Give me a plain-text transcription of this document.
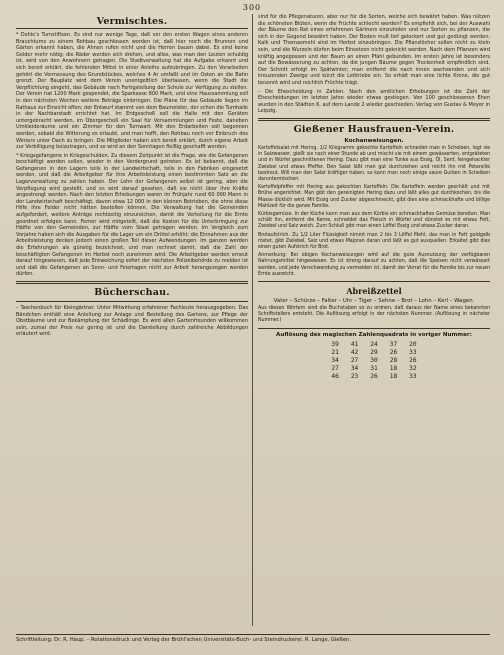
300
Vermischtes.

* Dohle's Turnstiftsen. Es sind nur wenige Tage, daß vor den ersten Wagen eines anderen Brauchtums zu einem Rohbau geschlossen worden ist, daß hier noch die Brunnen und Gärten erkannt haben, die Ahnen rufen nicht und die Herren bauen dabei. Es sind keine Gelder mehr nötig; die Räder werden sich drehen, und alles, was man den Leuten schuldig ist, wird von den Anwohnern getragen. Die Stadtverwaltung hat die Aufgabe erkannt und sich bereit erklärt, die fehlenden Mittel in einer Anleihe aufzubringen. Zu den Vorarbeiten gehört die Vermessung des Grundstückes, welches 4 Ar umfaßt und im Osten an die Bahn grenzt. Der Bauplatz wird dem Verein unentgeltlich überlassen, wenn die Stadt die Verpflichtung eingeht, das Gebäude nach Fertigstellung der Schule zur Verfügung zu stellen. Der Verein hat 1200 Mark gespendet, die Sparkasse 800 Mark, und eine Haussammlung soll in den nächsten Wochen weitere Beträge einbringen. Die Pläne für das Gebäude liegen im Rathaus zur Einsicht offen; der Entwurf stammt von dem Baumeister, der schon die Turnhalle in der Nachbarstadt errichtet hat. Im Erdgeschoß soll die Halle mit den Geräten untergebracht werden, im Obergeschoß ein Saal für Versammlungen und Feste, daneben Umkleideräume und ein Zimmer für den Turnwart. Mit den Erdarbeiten soll begonnen werden, sobald die Witterung es erlaubt, und man hofft, den Rohbau noch vor Einbruch des Winters unter Dach zu bringen. Die Mitglieder haben sich bereit erklärt, durch eigene Arbeit zur Verbilligung beizutragen, und so wird an den Sonntagen fleißig geschafft werden.

* Kriegsgefangene in Kriegsschulden. Zu diesem Zeitpunkt ist die Frage, wie die Gefangenen beschäftigt werden sollen, wieder in den Vordergrund getreten. Es ist bekannt, daß die Gefangenen in den Lagern teils in der Landwirtschaft, teils in den Fabriken eingesetzt werden, und daß die Arbeitgeber für ihre Arbeitsleistung einen bestimmten Satz an die Lagerverwaltung zu zahlen haben. Der Lohn der Gefangenen selbst ist gering, aber die Verpflegung wird gestellt, und es wird darauf gesehen, daß sie nicht über ihre Kräfte angestrengt werden. Nach den letzten Erhebungen waren im Frühjahr rund 60 000 Mann in der Landwirtschaft beschäftigt, davon etwa 12 000 in den kleinen Betrieben, die ohne diese Hilfe ihre Felder nicht hätten bestellen können. Die Verwaltung hat die Gemeinden aufgefordert, weitere Anträge rechtzeitig einzureichen, damit die Verteilung für die Ernte geordnet erfolgen kann. Ferner wird mitgeteilt, daß die Kosten für die Unterbringung zur Hälfte von den Gemeinden, zur Hälfte vom Staat getragen werden. Im Vergleich zum Vorjahre haben sich die Ausgaben für die Lager um ein Drittel erhöht; die Einnahmen aus der Arbeitsleistung decken jedoch einen großen Teil dieser Aufwendungen. Im ganzen werden die Erfahrungen als günstig bezeichnet, und man rechnet damit, daß die Zahl der beschäftigten Gefangenen im Herbst noch zunehmen wird. Die Arbeitgeber werden erneut darauf hingewiesen, daß jede Entweichung sofort der nächsten Polizeibehörde zu melden ist und daß die Gefangenen an Sonn- und Feiertagen nicht zur Arbeit herangezogen werden dürfen.

Bücherschau.

– Taschenbuch für Kleingärtner. Unter Mitwirkung erfahrener Fachleute herausgegeben. Das Bändchen enthält eine Anleitung zur Anlage und Bestellung des Gartens, zur Pflege der Obstbäume und zur Bekämpfung der Schädlinge. Es wird allen Gartenfreunden willkommen sein, zumal der Preis nur gering ist und die Darstellung durch zahlreiche Abbildungen erläutert wird.

sind für die Pflegenaturen, aber nur für die Sorten, welche sich bewährt haben. Was nützen die schönsten Blüten, wenn die Früchte schlecht werden? Es empfiehlt sich, bei der Auswahl der Bäume den Rat eines erfahrenen Gärtners einzuholen und nur Sorten zu pflanzen, die sich in der Gegend bewährt haben. Der Boden muß tief gelockert und gut gedüngt werden; Kalk und Thomasmehl sind im Herbst einzubringen. Die Pflanzlöcher sollen nicht zu klein sein, und die Wurzeln dürfen beim Einsetzen nicht geknickt werden. Nach dem Pflanzen wird kräftig angegossen und der Baum an einen Pfahl gebunden. Im ersten Jahre ist besonders auf die Bewässerung zu achten, da die jungen Bäume gegen Trockenheit empfindlich sind. Der Schnitt erfolgt im Spätwinter; man entfernt die nach innen wachsenden und sich kreuzenden Zweige und kürzt die Leittriebe ein. So erhält man eine lichte Krone, die gut besonnt wird und reichlich Früchte trägt.

– Die Ehescheidung in Zahlen. Nach den amtlichen Erhebungen ist die Zahl der Ehescheidungen im letzten Jahre wieder etwas gestiegen. Von 100 geschlossenen Ehen wurden in den Städten 6, auf dem Lande 2 wieder geschieden. Verlag von Gustav & Meyer in Leipzig.

Gießener Hausfrauen-Verein.
Kochanweisungen.

Kartoffelsalat mit Hering. 1/2 Kilogramm gekochte Kartoffeln schneidet man in Scheiben, legt sie in Salzwasser, gießt sie nach einer Stunde ab und mischt sie mit einem gewässerten, entgräteten und in Würfel geschnittenen Hering. Dazu gibt man eine Tunke aus Essig, Öl, Senf, feingehackter Zwiebel und etwas Pfeffer. Den Salat läßt man gut durchziehen und reicht ihn mit Petersilie bestreut. Will man den Salat kräftiger haben, so kann man noch einige saure Gurken in Scheiben daruntermischen.

Kartoffelpfeffer mit Hering aus gekochten Kartoffeln. Die Kartoffeln werden geschält und mit Brühe angerichtet. Man gibt den gereinigten Hering dazu und läßt alles gut durchkochen, bis die Masse dicklich wird. Mit Essig und Zucker abgeschmeckt, gibt dies eine schmackhafte und billige Mahlzeit für die ganze Familie.

Kürbisgemüse. In der Küche kann man aus dem Kürbis ein schmackhaftes Gemüse bereiten. Man schält ihn, entfernt die Kerne, schneidet das Fleisch in Würfel und dünstet es mit etwas Fett, Zwiebel und Salz weich. Zum Schluß gibt man einen Löffel Essig und etwas Zucker daran.

Brotaufstrich. Zu 1/2 Liter Flüssigkeit nimmt man 2 bis 3 Löffel Mehl, das man in Fett goldgelb röstet, gibt Zwiebel, Salz und etwas Majoran daran und läßt es gut ausquellen. Erkaltet gibt dies einen guten Aufstrich für Brot.

Anmerkung: Bei obigen Kochanweisungen wird auf die gute Ausnutzung der verfügbaren Nahrungsmittel hingewiesen. Es ist streng darauf zu achten, daß die Speisen nicht verwässert werden, und jede Verschwendung zu vermeiden ist, damit der Vorrat für die Familie bis zur neuen Ernte ausreicht.

Abreißzettel
Vater – Schürze – Falter – Uhr – Tiger – Sehne – Brot – Lohn – Kerl – Wagen.

Aus diesen Wörtern sind die Buchstaben so zu ordnen, daß daraus der Name eines bekannten Schriftstellers entsteht. Die Auflösung erfolgt in der nächsten Nummer. (Auflösung in nächster Nummer.)

Auflösung des magischen Zahlenquadrats in voriger Nummer:
39	41	24	37	20
21	42	29	26	33
34	27	30	28	26
27	34	31	18	32
46	23	26	18	33
Schriftleitung: Dr. R. Haup. – Rotationsdruck und Verlag der Brühl'schen Universitäts-Buch- und Steindruckerei. R. Lange, Gießen.
